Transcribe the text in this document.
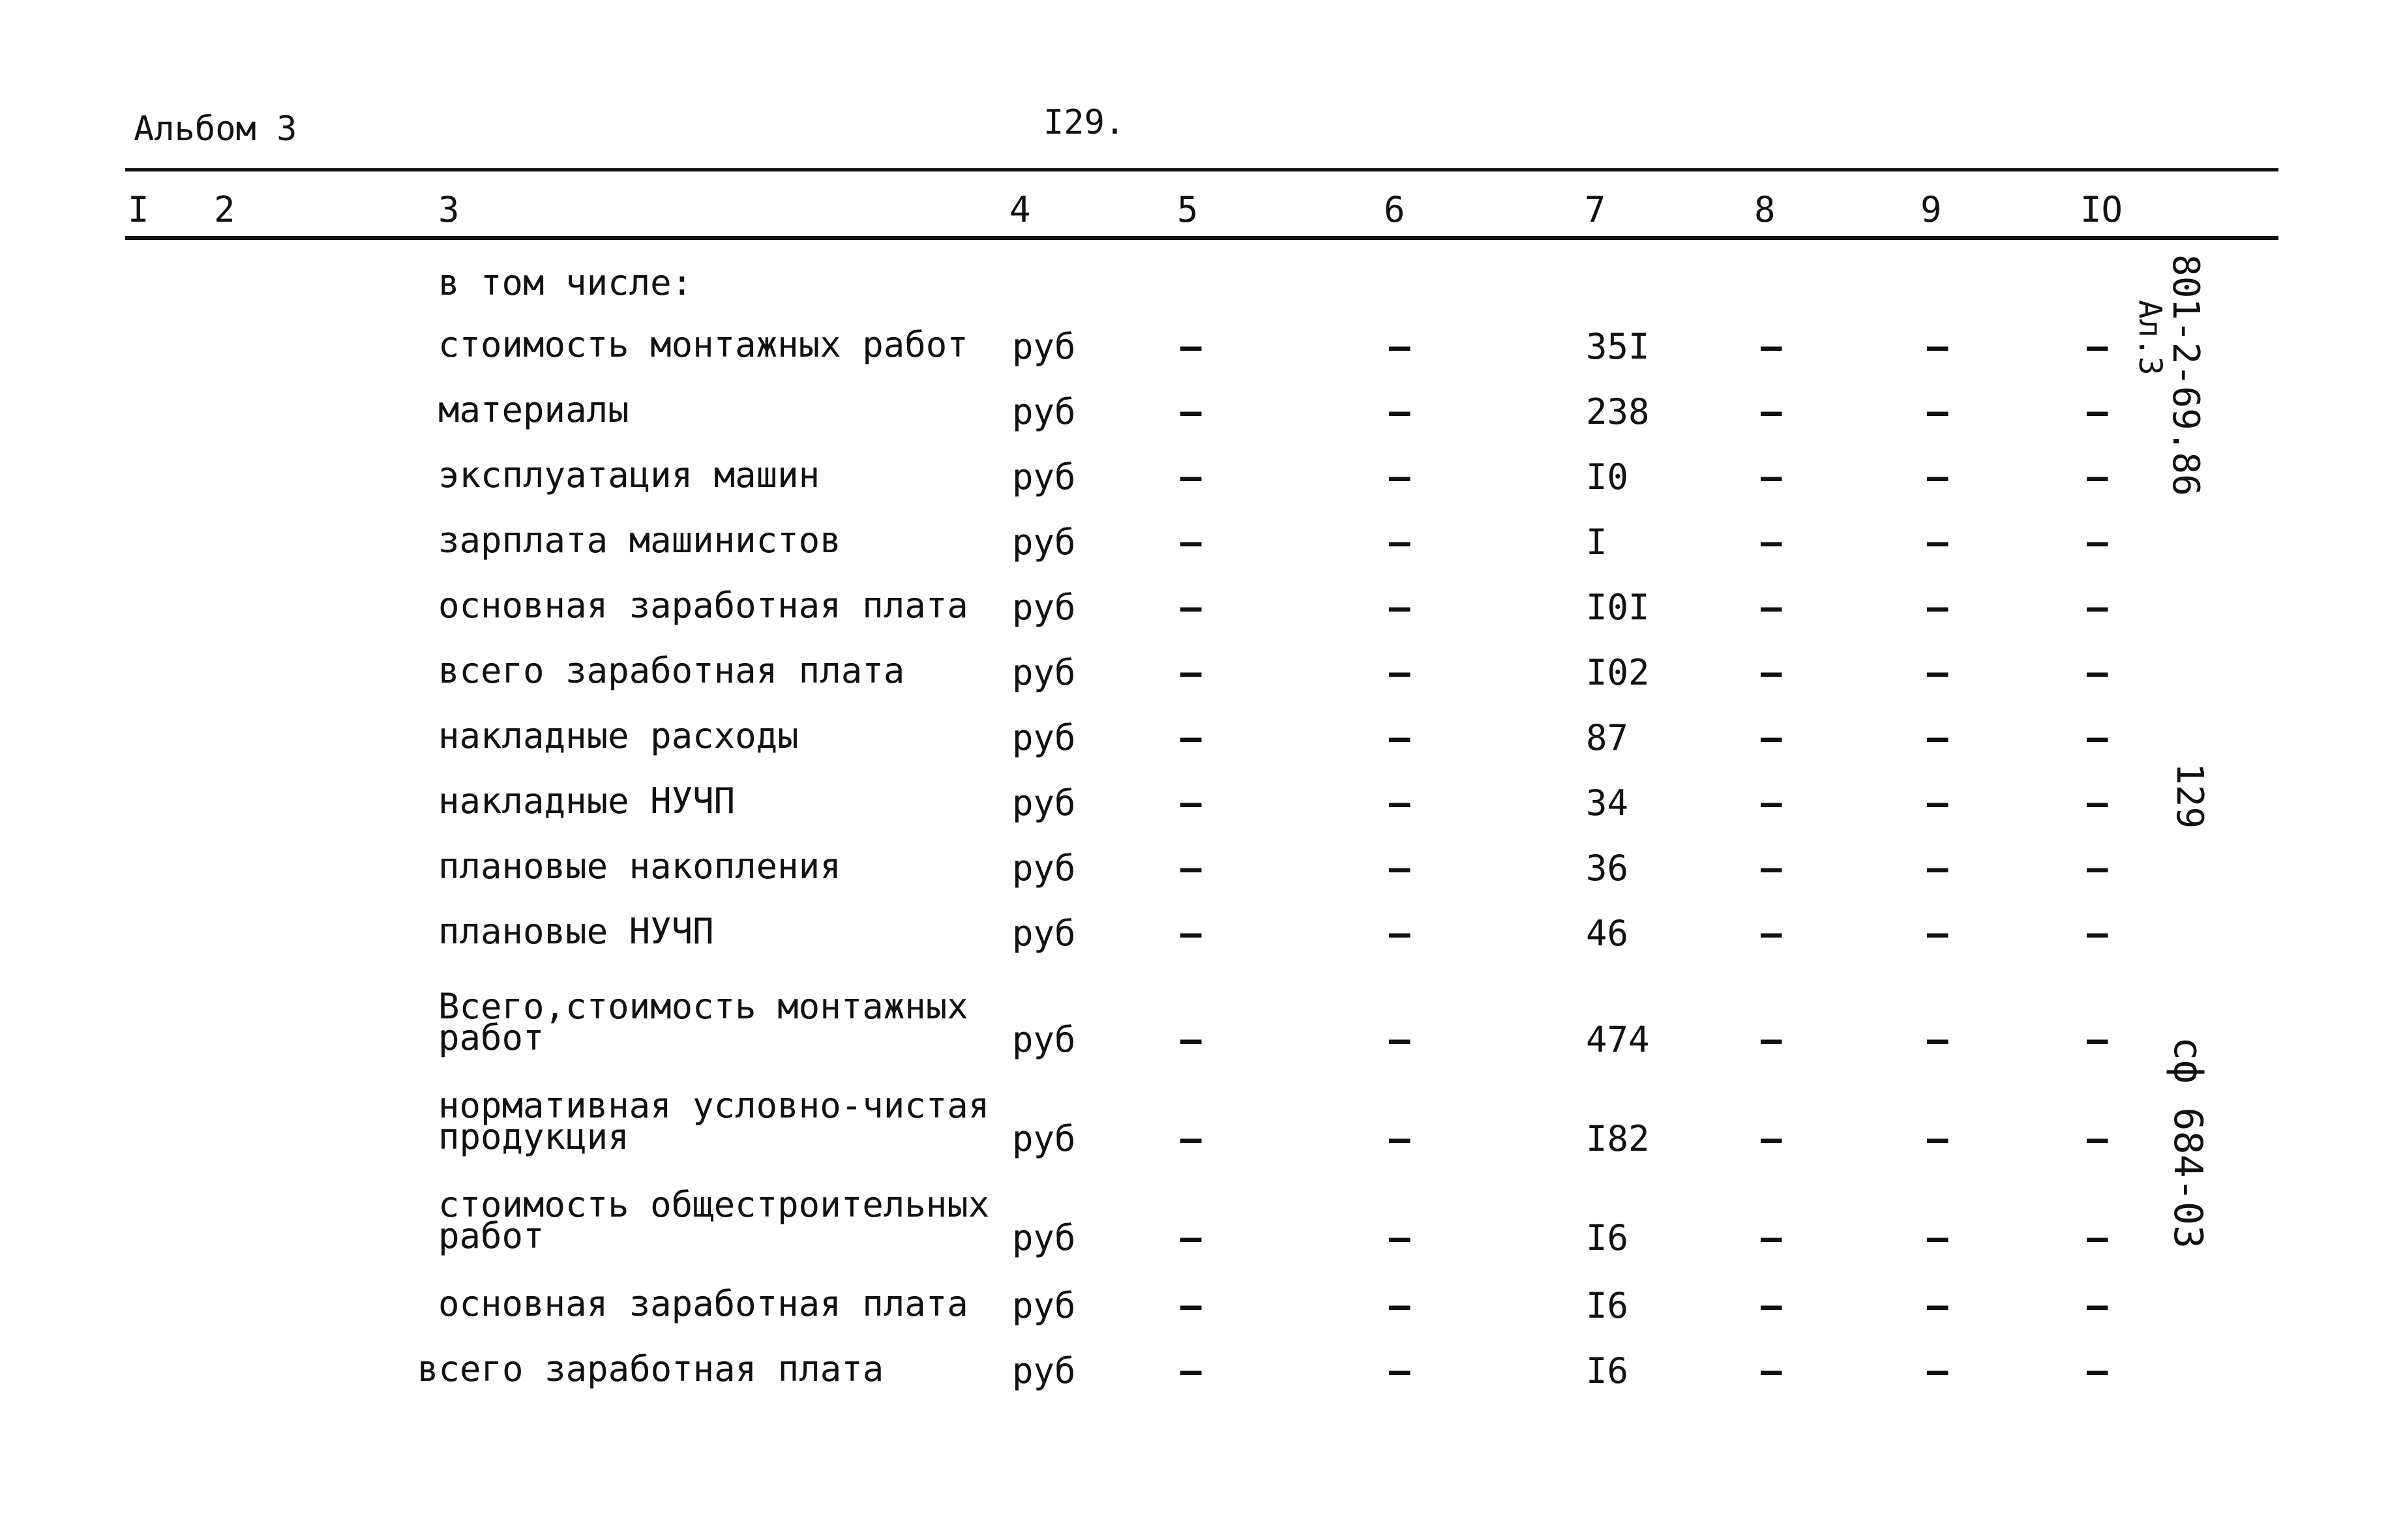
Альбом 3	I29.
I 2	3	4	5	6	7	8	9	IO
в том числе:
стоимость монтажных работ	руб	–	–	35I	–	–	–
материалы	руб	–	–	238	–	–	–
эксплуатация машин	руб	–	–	I0	–	–	–
зарплата машинистов	руб	–	–	I	–	–	–
основная заработная плата	руб	–	–	I0I	–	–	–
всего заработная плата	руб	–	–	I02	–	–	–
накладные расходы	руб	–	–	87	–	–	–
накладные НУЧП	руб	–	–	34	–	–	–
плановые накопления	руб	–	–	36	–	–	–
плановые НУЧП	руб	–	–	46	–	–	–
Всего,стоимость монтажных работ	руб	–	–	474	–	–	–
нормативная условно-чистая продукция	руб	–	–	I82	–	–	–
стоимость общестроительных работ	руб	–	–	I6	–	–	–
основная заработная плата	руб	–	–	I6	–	–	–
всего заработная плата	руб	–	–	I6	–	–	–
801-2-69.86
Ал.3
129
сф 684-03
